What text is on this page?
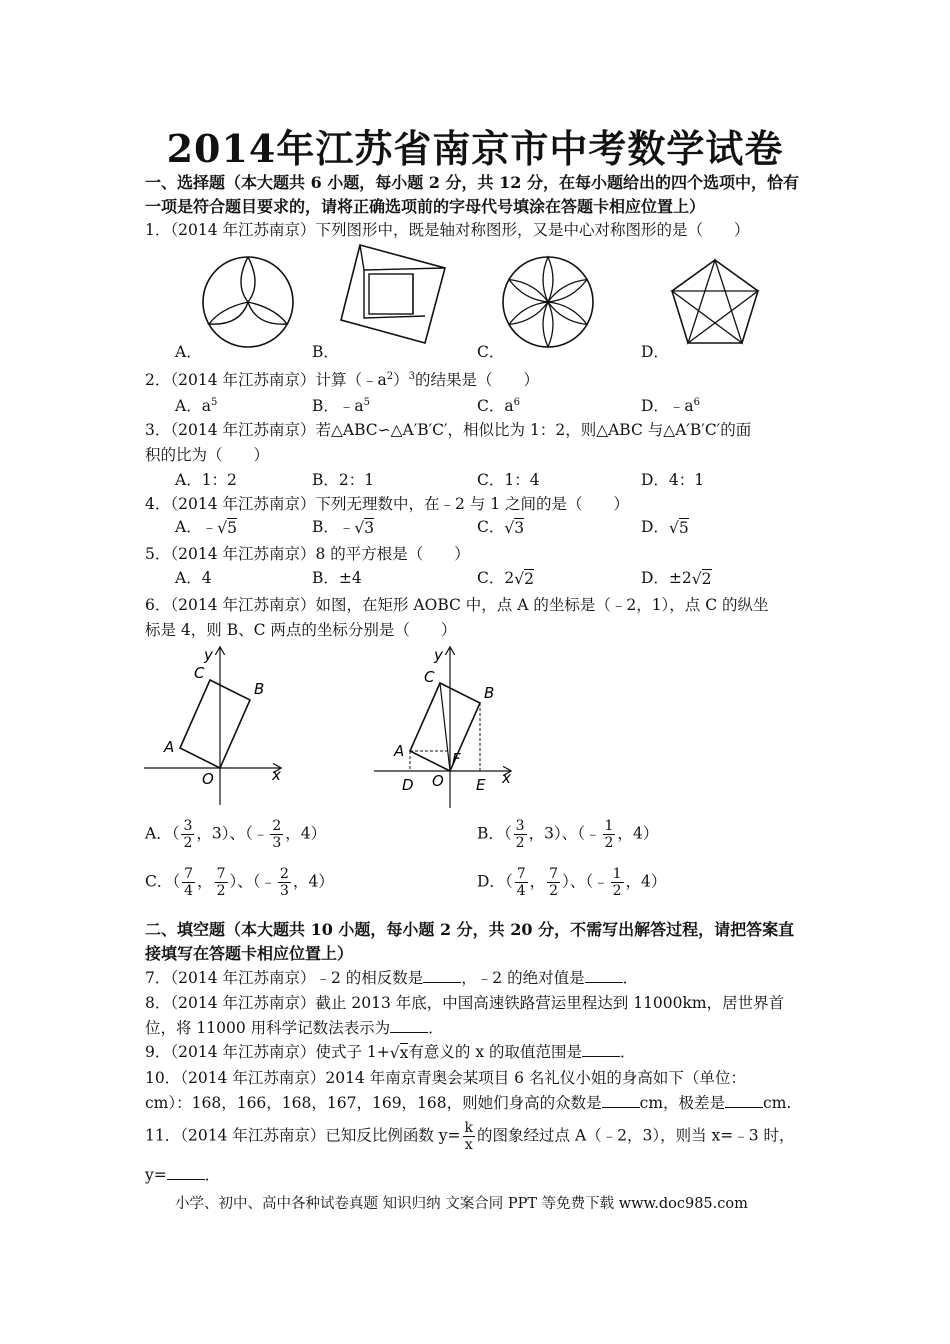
2014年江苏省南京市中考数学试卷
一、选择题（本大题共 6 小题，每小题 2 分，共 12 分，在每小题给出的四个选项中，恰有
一项是符合题目要求的，请将正确选项前的字母代号填涂在答题卡相应位置上）
1．（2014 年江苏南京）下列图形中，既是轴对称图形，又是中心对称图形的是（　　）
A．	B．	C．	D．
2．（2014 年江苏南京）计算$(﹣a^2)^3$的结果是（　　）
A．$a^5$	B．$﹣a^5$	C．$a^6$	D．$﹣a^6$
3．（2014 年江苏南京）若△ABC∽△A′B′C′，相似比为 1：2，则△ABC 与△A′B′C′的面
积的比为（　　）
A．1：2	B．2：1	C．1：4	D．4：1
4．（2014 年江苏南京）下列无理数中，在﹣2 与 1 之间的是（　　）
A．﹣√5	B．﹣√3	C．√3	D．√5
5．（2014 年江苏南京）8 的平方根是（　　）
A．4	B．±4	C．2√2	D．±2√2
6．（2014 年江苏南京）如图，在矩形 AOBC 中，点 A 的坐标是（﹣2，1），点 C 的纵坐
标是 4，则 B、C 两点的坐标分别是（　　）
y
x
O
A
B
C
y
x
O
A
B
C
D	E
F
A．（ $\frac{3}{2}$ ，3）、（﹣ $\frac{2}{3}$ ，4）	B．（ $\frac{3}{2}$ ，3）、（﹣ $\frac{1}{2}$ ，4）
C．（ $\frac{7}{4}$ ， $\frac{7}{2}$ ）、（﹣ $\frac{2}{3}$ ，4）	D．（ $\frac{7}{4}$ ， $\frac{7}{2}$ ）、（﹣ $\frac{1}{2}$ ，4）
二、填空题（本大题共 10 小题，每小题 2 分，共 20 分，不需写出解答过程，请把答案直
接填写在答题卡相应位置上）
7．（2014 年江苏南京）﹣2 的相反数是 ，﹣2 的绝对值是 ．
8．（2014 年江苏南京）截止 2013 年底，中国高速铁路营运里程达到 11000km，居世界首
位，将 11000 用科学记数法表示为 ．
9．（2014 年江苏南京）使式子 1+√x有意义的 x 的取值范围是 ．
10．（2014 年江苏南京）2014 年南京青奥会某项目 6 名礼仪小姐的身高如下（单位：
cm）：168，166，168，167，169，168，则她们身高的众数是 cm，极差是 cm.
11．（2014 年江苏南京）已知反比例函数 $y= \frac{k}{x}$ 的图象经过点 A（﹣2，3），则当 x=﹣3 时，
y= ．
小学、初中、高中各种试卷真题 知识归纳 文案合同 PPT 等免费下载 www.doc985.com
